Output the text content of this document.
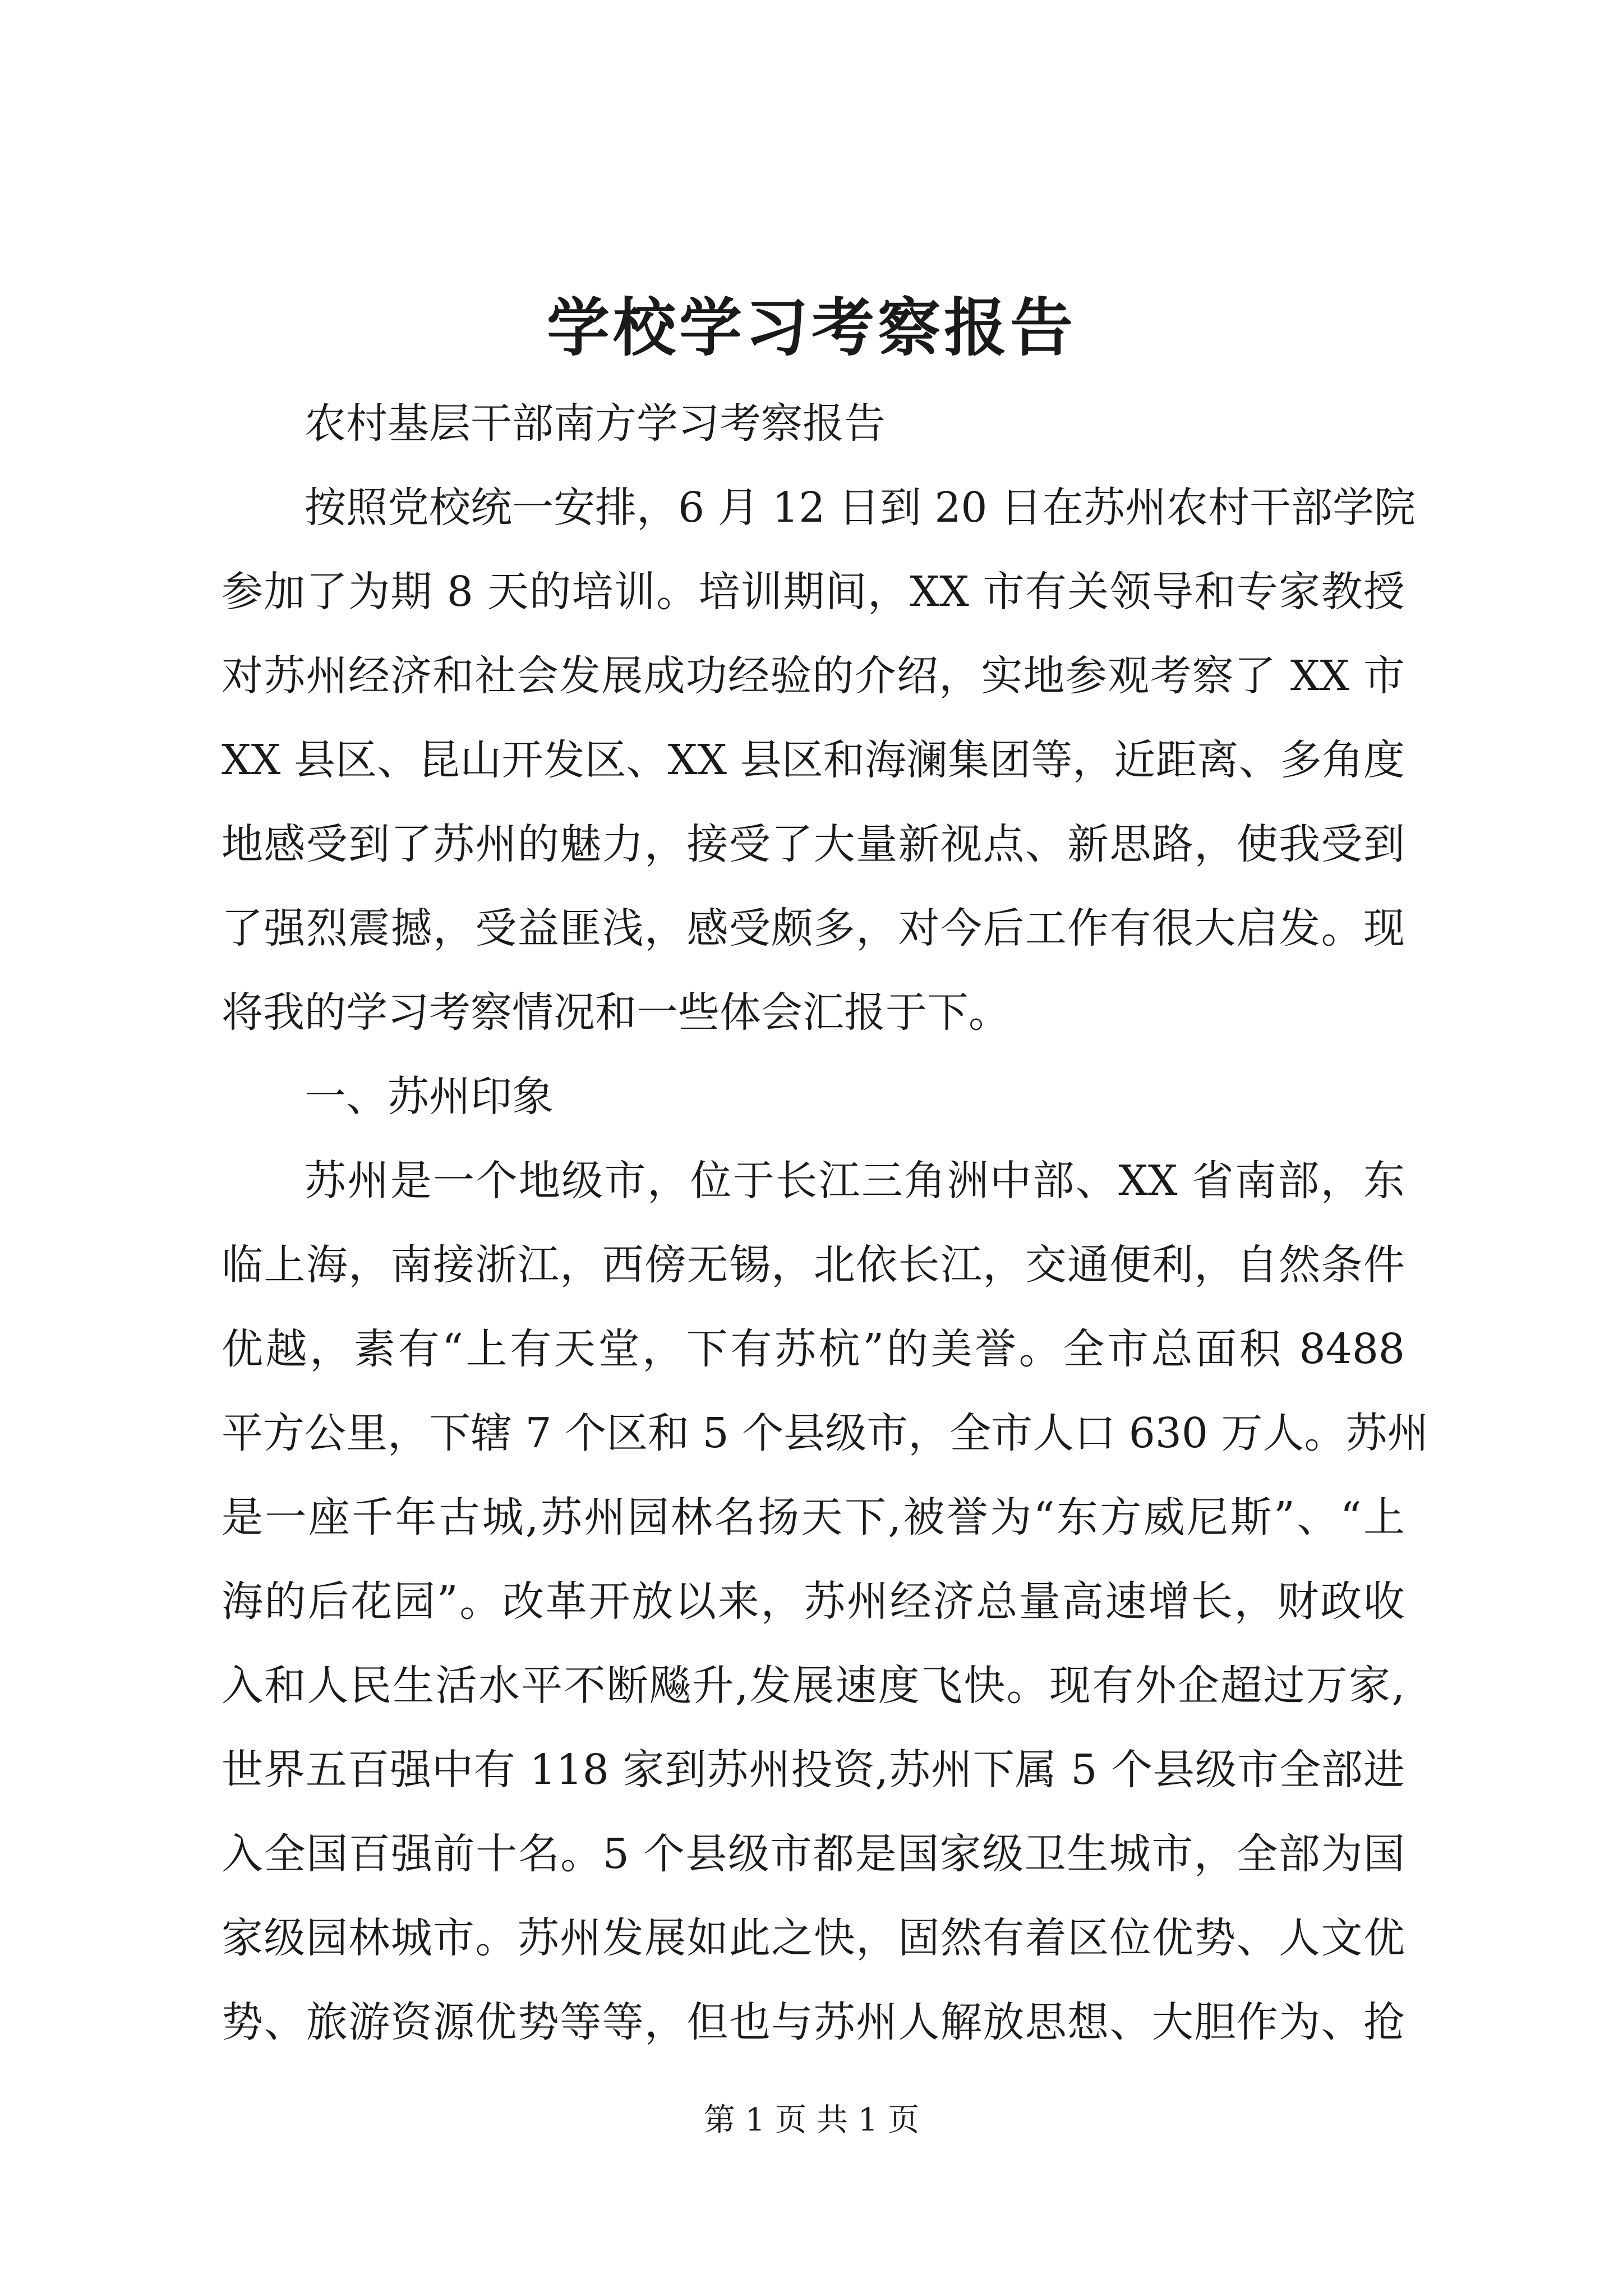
学校学习考察报告
农村基层干部南方学习考察报告
按照党校统一安排，6 月 12 日到 20 日在苏州农村干部学院
参加了为期 8 天的培训。培训期间，XX 市有关领导和专家教授
对苏州经济和社会发展成功经验的介绍，实地参观考察了 XX 市
XX 县区、昆山开发区、XX 县区和海澜集团等，近距离、多角度
地感受到了苏州的魅力，接受了大量新视点、新思路，使我受到
了强烈震撼，受益匪浅，感受颇多，对今后工作有很大启发。现
将我的学习考察情况和一些体会汇报于下。
一、苏州印象
苏州是一个地级市，位于长江三角洲中部、XX 省南部，东
临上海，南接浙江，西傍无锡，北依长江，交通便利，自然条件
优越，素有“上有天堂，下有苏杭”的美誉。全市总面积 8488
平方公里，下辖 7 个区和 5 个县级市，全市人口 630 万人。苏州
是一座千年古城,苏州园林名扬天下,被誉为“东方威尼斯”、“上
海的后花园”。改革开放以来，苏州经济总量高速增长，财政收
入和人民生活水平不断飚升,发展速度飞快。现有外企超过万家,
世界五百强中有 118 家到苏州投资,苏州下属 5 个县级市全部进
入全国百强前十名。5 个县级市都是国家级卫生城市，全部为国
家级园林城市。苏州发展如此之快，固然有着区位优势、人文优
势、旅游资源优势等等，但也与苏州人解放思想、大胆作为、抢
第 1 页 共 1 页
